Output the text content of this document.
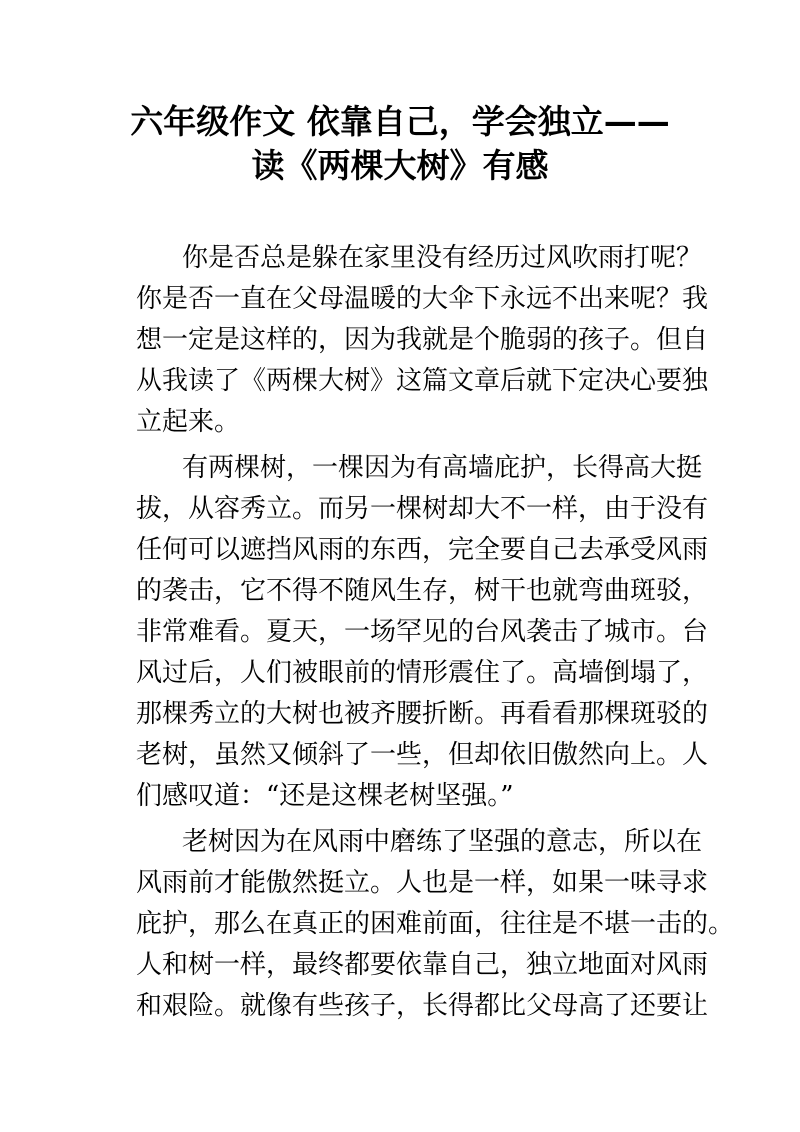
六年级作文 依靠自己，学会独立——
读《两棵大树》有感
你是否总是躲在家里没有经历过风吹雨打呢？
你是否一直在父母温暖的大伞下永远不出来呢？我
想一定是这样的，因为我就是个脆弱的孩子。但自
从我读了《两棵大树》这篇文章后就下定决心要独
立起来。
有两棵树，一棵因为有高墙庇护，长得高大挺
拔，从容秀立。而另一棵树却大不一样，由于没有
任何可以遮挡风雨的东西，完全要自己去承受风雨
的袭击，它不得不随风生存，树干也就弯曲斑驳，
非常难看。夏天，一场罕见的台风袭击了城市。台
风过后，人们被眼前的情形震住了。高墙倒塌了，
那棵秀立的大树也被齐腰折断。再看看那棵斑驳的
老树，虽然又倾斜了一些，但却依旧傲然向上。人
们感叹道：“还是这棵老树坚强。”
老树因为在风雨中磨练了坚强的意志，所以在
风雨前才能傲然挺立。人也是一样，如果一味寻求
庇护，那么在真正的困难前面，往往是不堪一击的。
人和树一样，最终都要依靠自己，独立地面对风雨
和艰险。就像有些孩子，长得都比父母高了还要让
